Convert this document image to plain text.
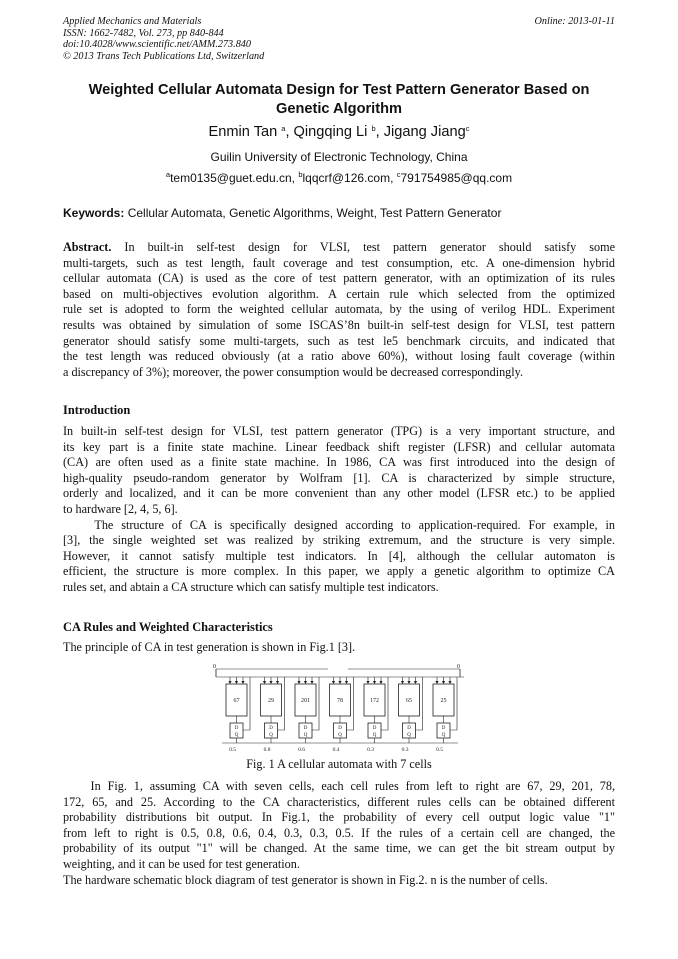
Applied Mechanics and Materials
ISSN: 1662-7482, Vol. 273, pp 840-844
doi:10.4028/www.scientific.net/AMM.273.840
© 2013 Trans Tech Publications Ltd, Switzerland
Online: 2013-01-11
Weighted Cellular Automata Design for Test Pattern Generator Based on
Genetic Algorithm
Enmin Tan $^a$, Qingqing Li $^b$, Jigang Jiang$^c$
Guilin University of Electronic Technology, China
$^a$tem0135@guet.edu.cn, $^b$lqqcrf@126.com, $^c$791754985@qq.com
Keywords: Cellular Automata, Genetic Algorithms, Weight, Test Pattern Generator
Abstract. In built-in self-test design for VLSI, test pattern generator should satisfy some
multi-targets, such as test length, fault coverage and test consumption, etc. A one-dimension hybrid
cellular automata (CA) is used as the core of test pattern generator, with an optimization of its rules
based on multi-objectives evolution algorithm. A certain rule which selected from the optimized
rule set is adopted to form the weighted cellular automata, by the using of verilog HDL. Experiment
results was obtained by simulation of some ISCAS’8n built-in self-test design for VLSI, test pattern
generator should satisfy some multi-targets, such as test le5 benchmark circuits, and indicated that
the test length was reduced obviously (at a ratio above 60%), without losing fault coverage (within
a discrepancy of 3%); moreover, the power consumption would be decreased correspondingly.
Introduction
In built-in self-test design for VLSI, test pattern generator (TPG) is a very important structure, and
its key part is a finite state machine. Linear feedback shift register (LFSR) and cellular automata
(CA) are often used as a finite state machine. In 1986, CA was first introduced into the design of
high-quality pseudo-random generator by Wolfram [1]. CA is characterized by simple structure,
orderly and localized, and it can be more convenient than any other model (LFSR etc.) to be applied
to hardware [2, 4, 5, 6].
The structure of CA is specifically designed according to application-required. For example, in
[3], the single weighted set was realized by striking extremum, and the structure is very simple.
However, it cannot satisfy multiple test indicators. In [4], although the cellular automaton is
efficient, the structure is more complex. In this paper, we apply a genetic algorithm to optimize CA
rules set, and abtain a CA structure which can satisfy multiple test indicators.
CA Rules and Weighted Characteristics
The principle of CA in test generation is shown in Fig.1 [3].
0	0
67
D
Q
0.5
29
D
Q
0.8
201
D
Q
0.6
78
D
Q
0.4
172
D
Q
0.3
65
D
Q
0.3
25
D
Q
0.5
Fig. 1 A cellular automata with 7 cells
In Fig. 1, assuming CA with seven cells, each cell rules from left to right are 67, 29, 201, 78,
172, 65, and 25. According to the CA characteristics, different rules cells can be obtained different
probability distributions bit output. In Fig.1, the probability of every cell output logic value "1"
from left to right is 0.5, 0.8, 0.6, 0.4, 0.3, 0.3, 0.5. If the rules of a certain cell are changed, the
probability of its output "1" will be changed. At the same time, we can get the bit stream output by
weighting, and it can be used for test generation.
The hardware schematic block diagram of test generator is shown in Fig.2. n is the number of cells.
